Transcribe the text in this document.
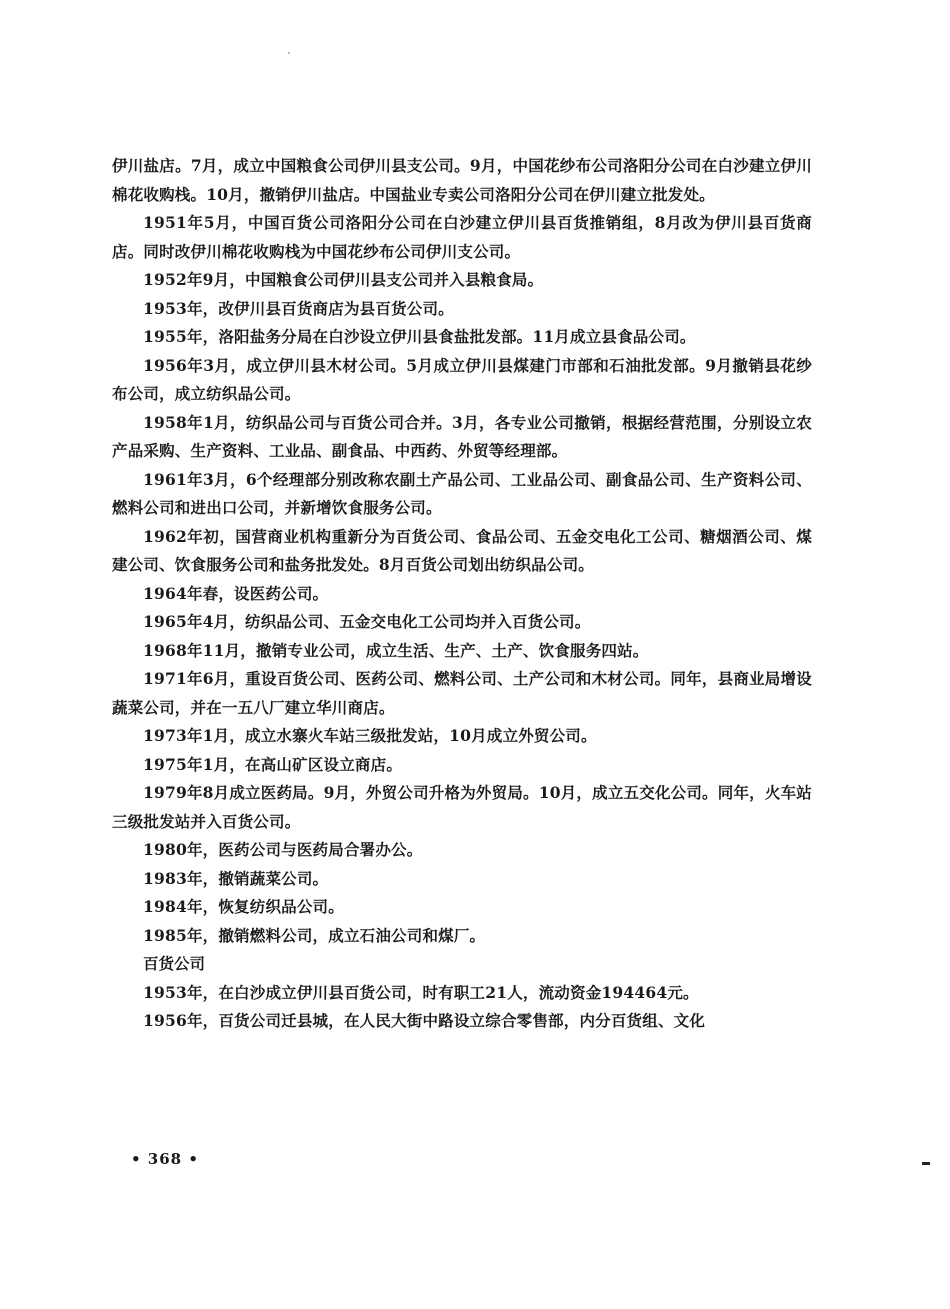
伊川盐店。7月，成立中国粮食公司伊川县支公司。9月，中国花纱布公司洛阳分公司在白沙建立伊川棉花收购栈。10月，撤销伊川盐店。中国盐业专卖公司洛阳分公司在伊川建立批发处。

1951年5月，中国百货公司洛阳分公司在白沙建立伊川县百货推销组，8月改为伊川县百货商店。同时改伊川棉花收购栈为中国花纱布公司伊川支公司。

1952年9月，中国粮食公司伊川县支公司并入县粮食局。

1953年，改伊川县百货商店为县百货公司。

1955年，洛阳盐务分局在白沙设立伊川县食盐批发部。11月成立县食品公司。

1956年3月，成立伊川县木材公司。5月成立伊川县煤建门市部和石油批发部。9月撤销县花纱布公司，成立纺织品公司。

1958年1月，纺织品公司与百货公司合并。3月，各专业公司撤销，根据经营范围，分别设立农产品采购、生产资料、工业品、副食品、中西药、外贸等经理部。

1961年3月，6个经理部分别改称农副土产品公司、工业品公司、副食品公司、生产资料公司、燃料公司和进出口公司，并新增饮食服务公司。

1962年初，国营商业机构重新分为百货公司、食品公司、五金交电化工公司、糖烟酒公司、煤建公司、饮食服务公司和盐务批发处。8月百货公司划出纺织品公司。

1964年春，设医药公司。

1965年4月，纺织品公司、五金交电化工公司均并入百货公司。

1968年11月，撤销专业公司，成立生活、生产、土产、饮食服务四站。

1971年6月，重设百货公司、医药公司、燃料公司、土产公司和木材公司。同年，县商业局增设蔬菜公司，并在一五八厂建立华川商店。

1973年1月，成立水寨火车站三级批发站，10月成立外贸公司。

1975年1月，在高山矿区设立商店。

1979年8月成立医药局。9月，外贸公司升格为外贸局。10月，成立五交化公司。同年，火车站三级批发站并入百货公司。

1980年，医药公司与医药局合署办公。

1983年，撤销蔬菜公司。

1984年，恢复纺织品公司。

1985年，撤销燃料公司，成立石油公司和煤厂。

百货公司

1953年，在白沙成立伊川县百货公司，时有职工21人，流动资金194464元。

1956年，百货公司迁县城，在人民大街中路设立综合零售部，内分百货组、文化

• 368 •
